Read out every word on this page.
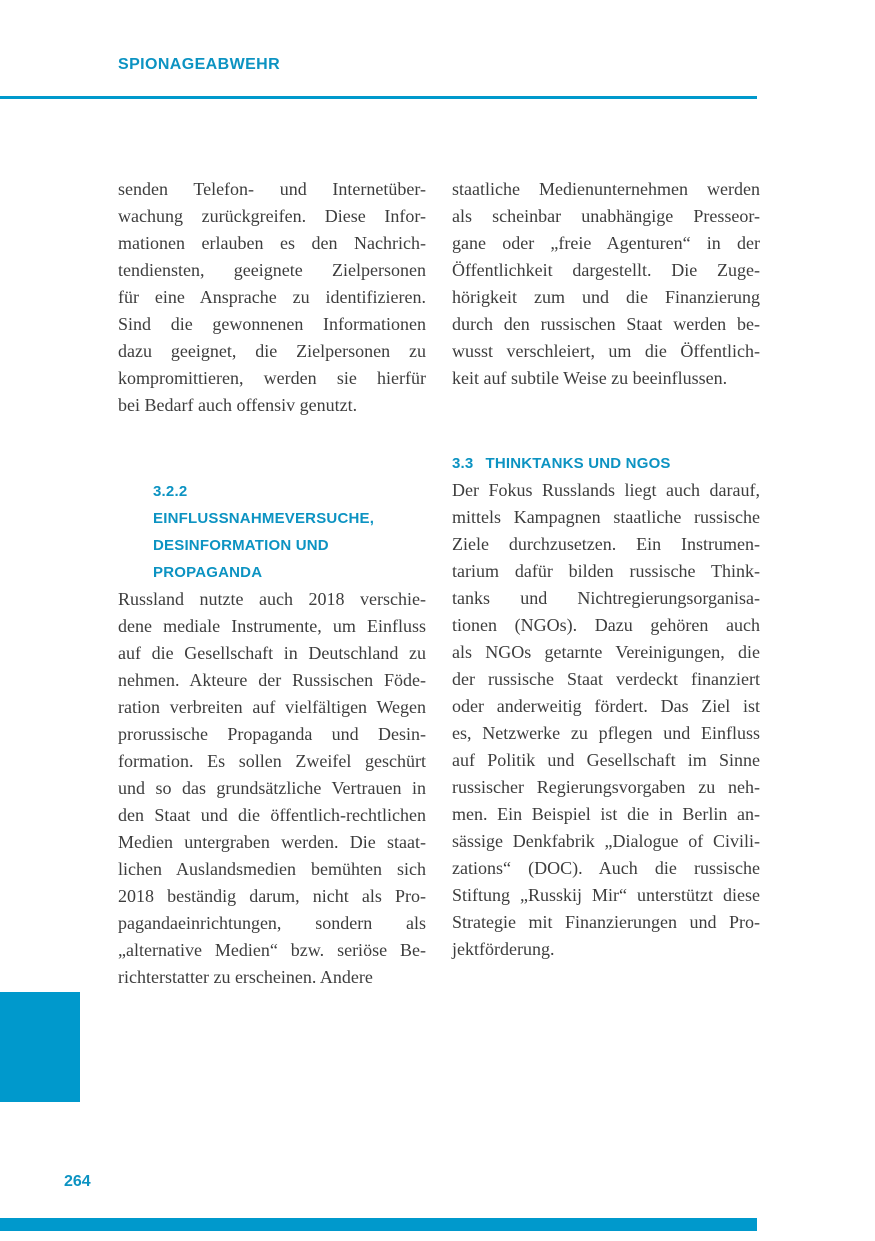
SPIONAGEABWEHR
senden Telefon- und Internetüber-
wachung zurückgreifen. Diese Infor-
mationen erlauben es den Nachrich-
tendiensten, geeignete Zielpersonen
für eine Ansprache zu identifizieren.
Sind die gewonnenen Informationen
dazu geeignet, die Zielpersonen zu
kompromittieren, werden sie hierfür
bei Bedarf auch offensiv genutzt.
3.2.2
EINFLUSSNAHMEVERSUCHE,
DESINFORMATION UND
PROPAGANDA
Russland nutzte auch 2018 verschie-
dene mediale Instrumente, um Einfluss
auf die Gesellschaft in Deutschland zu
nehmen. Akteure der Russischen Föde-
ration verbreiten auf vielfältigen Wegen
prorussische Propaganda und Desin-
formation. Es sollen Zweifel geschürt
und so das grundsätzliche Vertrauen in
den Staat und die öffentlich-rechtlichen
Medien untergraben werden. Die staat-
lichen Auslandsmedien bemühten sich
2018 beständig darum, nicht als Pro-
pagandaeinrichtungen, sondern als
„alternative Medien“ bzw. seriöse Be-
richterstatter zu erscheinen. Andere
staatliche Medienunternehmen werden
als scheinbar unabhängige Presseor-
gane oder „freie Agenturen“ in der
Öffentlichkeit dargestellt. Die Zuge-
hörigkeit zum und die Finanzierung
durch den russischen Staat werden be-
wusst verschleiert, um die Öffentlich-
keit auf subtile Weise zu beeinflussen.
3.3 THINKTANKS UND NGOS
Der Fokus Russlands liegt auch darauf,
mittels Kampagnen staatliche russische
Ziele durchzusetzen. Ein Instrumen-
tarium dafür bilden russische Think-
tanks und Nichtregierungsorganisa-
tionen (NGOs). Dazu gehören auch
als NGOs getarnte Vereinigungen, die
der russische Staat verdeckt finanziert
oder anderweitig fördert. Das Ziel ist
es, Netzwerke zu pflegen und Einfluss
auf Politik und Gesellschaft im Sinne
russischer Regierungsvorgaben zu neh-
men. Ein Beispiel ist die in Berlin an-
sässige Denkfabrik „Dialogue of Civili-
zations“ (DOC). Auch die russische
Stiftung „Russkij Mir“ unterstützt diese
Strategie mit Finanzierungen und Pro-
jektförderung.
264
